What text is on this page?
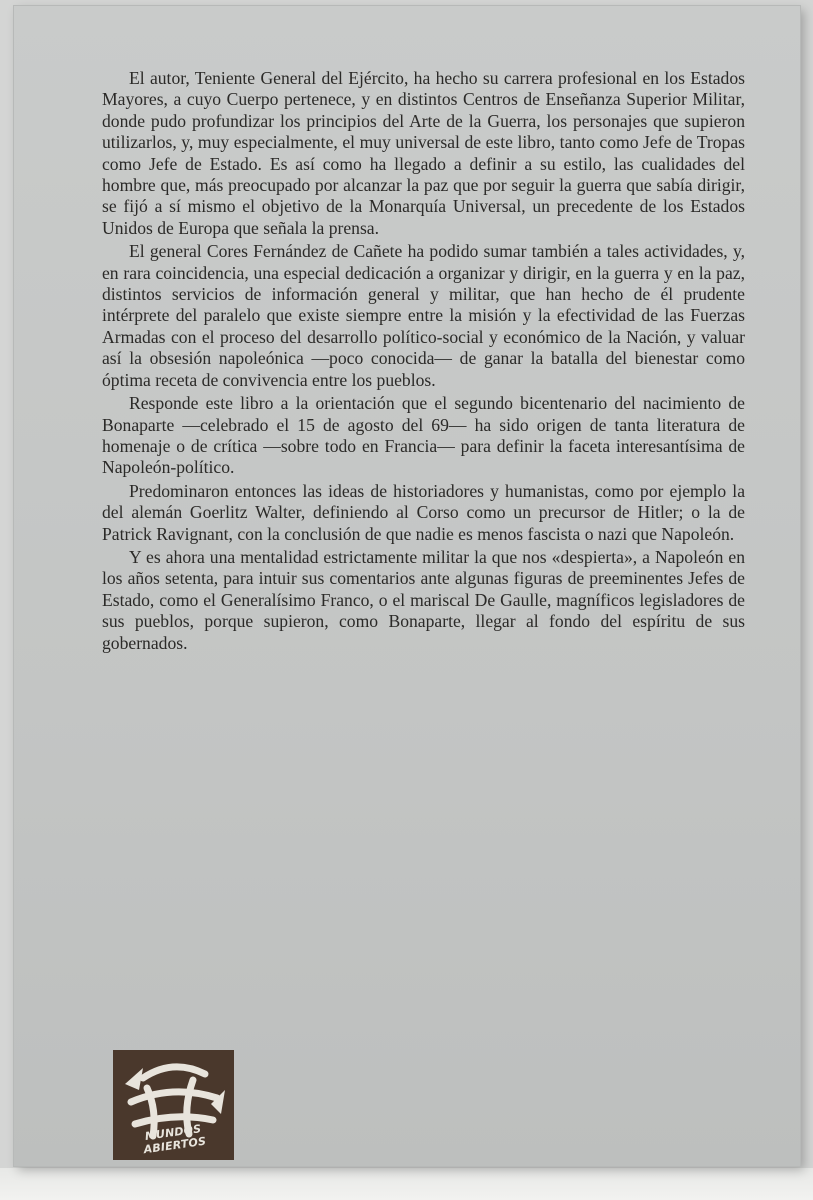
El autor, Teniente General del Ejército, ha hecho su carrera profesional en los Estados Mayores, a cuyo Cuerpo pertenece, y en distintos Centros de Enseñanza Superior Militar, donde pudo profundizar los principios del Arte de la Guerra, los personajes que supieron utilizarlos, y, muy especialmente, el muy universal de este libro, tanto como Jefe de Tropas como Jefe de Estado. Es así como ha llegado a definir a su estilo, las cualidades del hombre que, más preocupado por alcanzar la paz que por seguir la guerra que sabía dirigir, se fijó a sí mismo el objetivo de la Monarquía Universal, un precedente de los Estados Unidos de Europa que señala la prensa.

El general Cores Fernández de Cañete ha podido sumar también a tales actividades, y, en rara coincidencia, una especial dedicación a organizar y dirigir, en la guerra y en la paz, distintos servicios de información general y militar, que han hecho de él prudente intérprete del paralelo que existe siempre entre la misión y la efectividad de las Fuerzas Armadas con el proceso del desarrollo político-social y económico de la Nación, y valuar así la obsesión napoleónica —poco conocida— de ganar la batalla del bienestar como óptima receta de convivencia entre los pueblos.

Responde este libro a la orientación que el segundo bicentenario del nacimiento de Bonaparte —celebrado el 15 de agosto del 69— ha sido origen de tanta literatura de homenaje o de crítica —sobre todo en Francia— para definir la faceta interesantísima de Napoleón-político.

Predominaron entonces las ideas de historiadores y humanistas, como por ejemplo la del alemán Goerlitz Walter, definiendo al Corso como un precursor de Hitler; o la de Patrick Ravignant, con la conclusión de que nadie es menos fascista o nazi que Napoleón.

Y es ahora una mentalidad estrictamente militar la que nos «despierta», a Napoleón en los años setenta, para intuir sus comentarios ante algunas figuras de preeminentes Jefes de Estado, como el Generalísimo Franco, o el mariscal De Gaulle, magníficos legisladores de sus pueblos, porque supieron, como Bonaparte, llegar al fondo del espíritu de sus gobernados.

MUNDOS ABIERTOS
